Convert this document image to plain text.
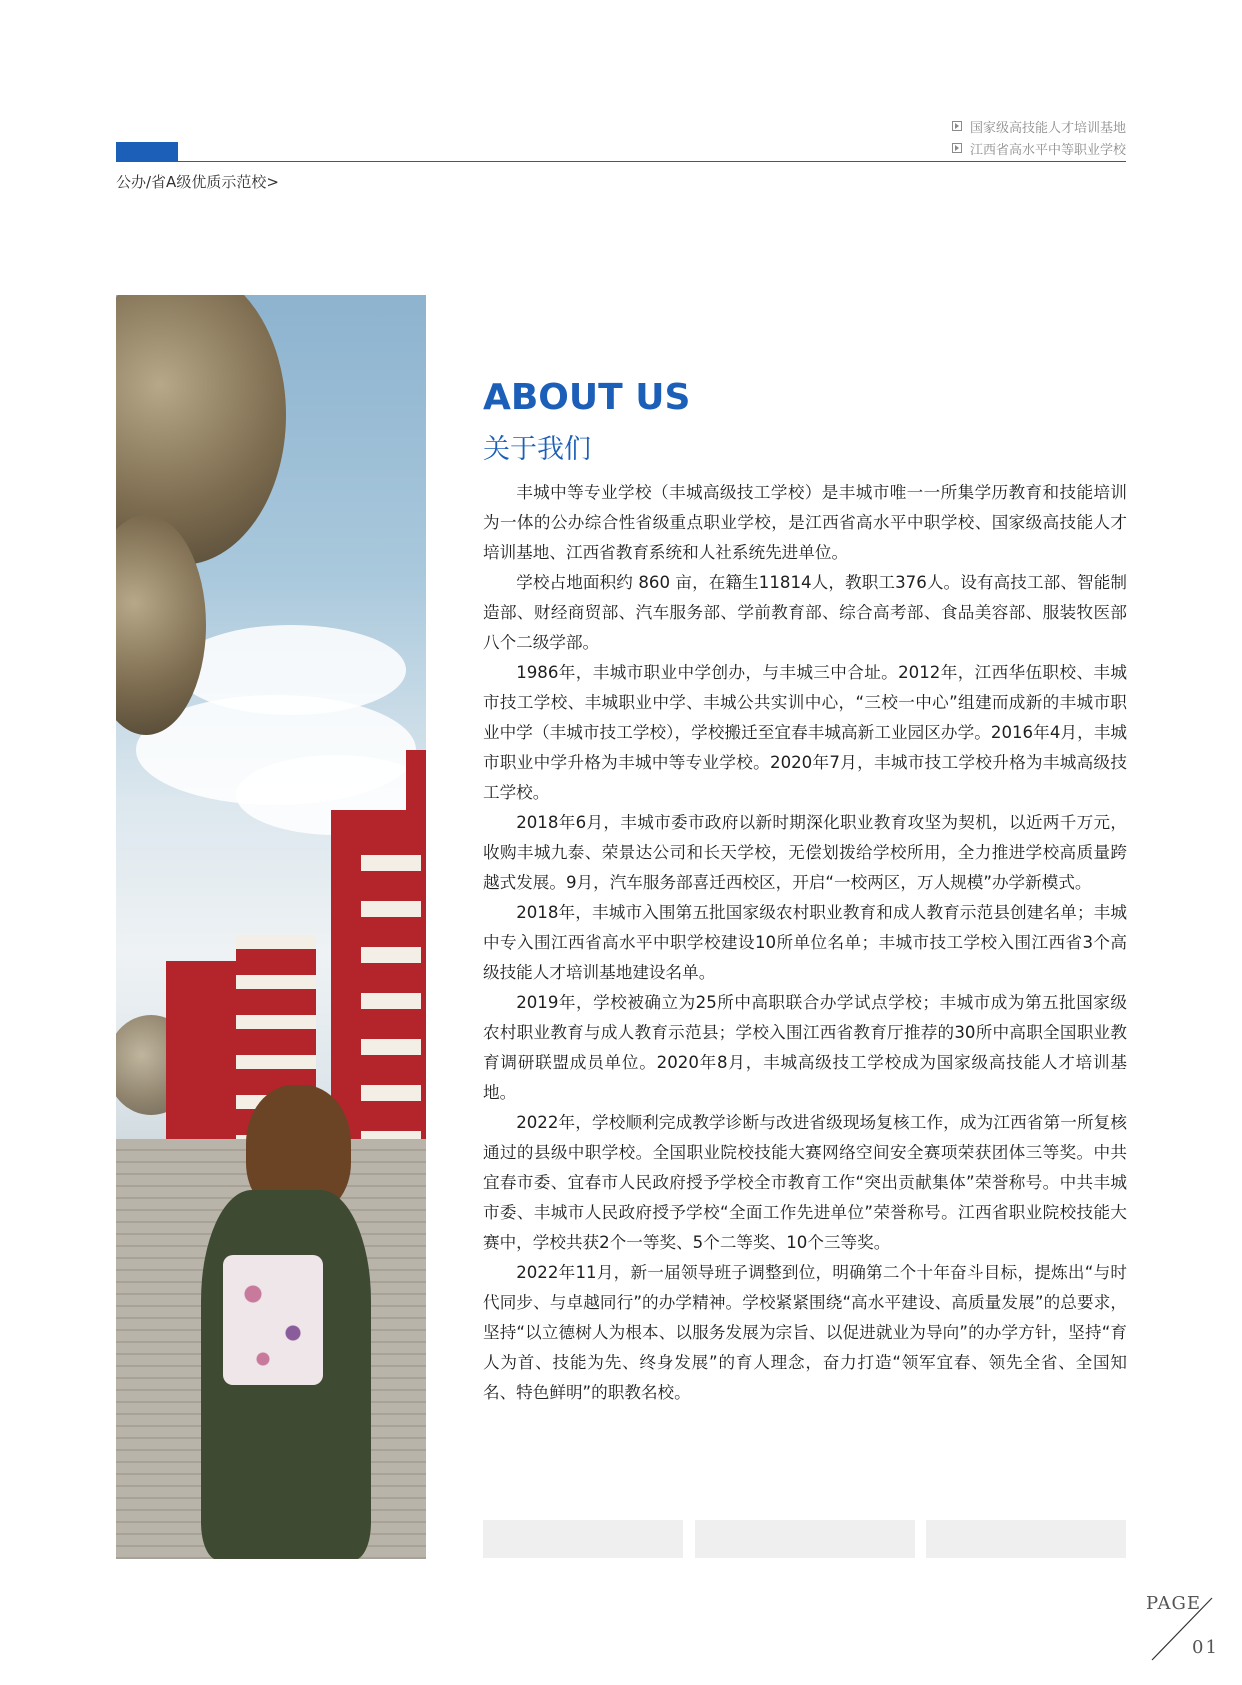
国家级高技能人才培训基地
江西省高水平中等职业学校
公办/省A级优质示范校>
ABOUT US
关于我们

丰城中等专业学校（丰城高级技工学校）是丰城市唯一一所集学历教育和技能培训为一体的公办综合性省级重点职业学校，是江西省高水平中职学校、国家级高技能人才培训基地、江西省教育系统和人社系统先进单位。

学校占地面积约 860 亩，在籍生11814人，教职工376人。设有高技工部、智能制造部、财经商贸部、汽车服务部、学前教育部、综合高考部、食品美容部、服装牧医部八个二级学部。

1986年，丰城市职业中学创办，与丰城三中合址。2012年，江西华伍职校、丰城市技工学校、丰城职业中学、丰城公共实训中心，“三校一中心”组建而成新的丰城市职业中学（丰城市技工学校），学校搬迁至宜春丰城高新工业园区办学。2016年4月，丰城市职业中学升格为丰城中等专业学校。2020年7月，丰城市技工学校升格为丰城高级技工学校。

2018年6月，丰城市委市政府以新时期深化职业教育攻坚为契机，以近两千万元，收购丰城九泰、荣景达公司和长天学校，无偿划拨给学校所用，全力推进学校高质量跨越式发展。9月，汽车服务部喜迁西校区，开启“一校两区，万人规模”办学新模式。

2018年，丰城市入围第五批国家级农村职业教育和成人教育示范县创建名单；丰城中专入围江西省高水平中职学校建设10所单位名单；丰城市技工学校入围江西省3个高级技能人才培训基地建设名单。

2019年，学校被确立为25所中高职联合办学试点学校；丰城市成为第五批国家级农村职业教育与成人教育示范县；学校入围江西省教育厅推荐的30所中高职全国职业教育调研联盟成员单位。2020年8月，丰城高级技工学校成为国家级高技能人才培训基地。

2022年，学校顺利完成教学诊断与改进省级现场复核工作，成为江西省第一所复核通过的县级中职学校。全国职业院校技能大赛网络空间安全赛项荣获团体三等奖。中共宜春市委、宜春市人民政府授予学校全市教育工作“突出贡献集体”荣誉称号。中共丰城市委、丰城市人民政府授予学校“全面工作先进单位”荣誉称号。江西省职业院校技能大赛中，学校共获2个一等奖、5个二等奖、10个三等奖。

2022年11月，新一届领导班子调整到位，明确第二个十年奋斗目标，提炼出“与时代同步、与卓越同行”的办学精神。学校紧紧围绕“高水平建设、高质量发展”的总要求，坚持“以立德树人为根本、以服务发展为宗旨、以促进就业为导向”的办学方针，坚持“育人为首、技能为先、终身发展”的育人理念，奋力打造“领军宜春、领先全省、全国知名、特色鲜明”的职教名校。

PAGE
01
